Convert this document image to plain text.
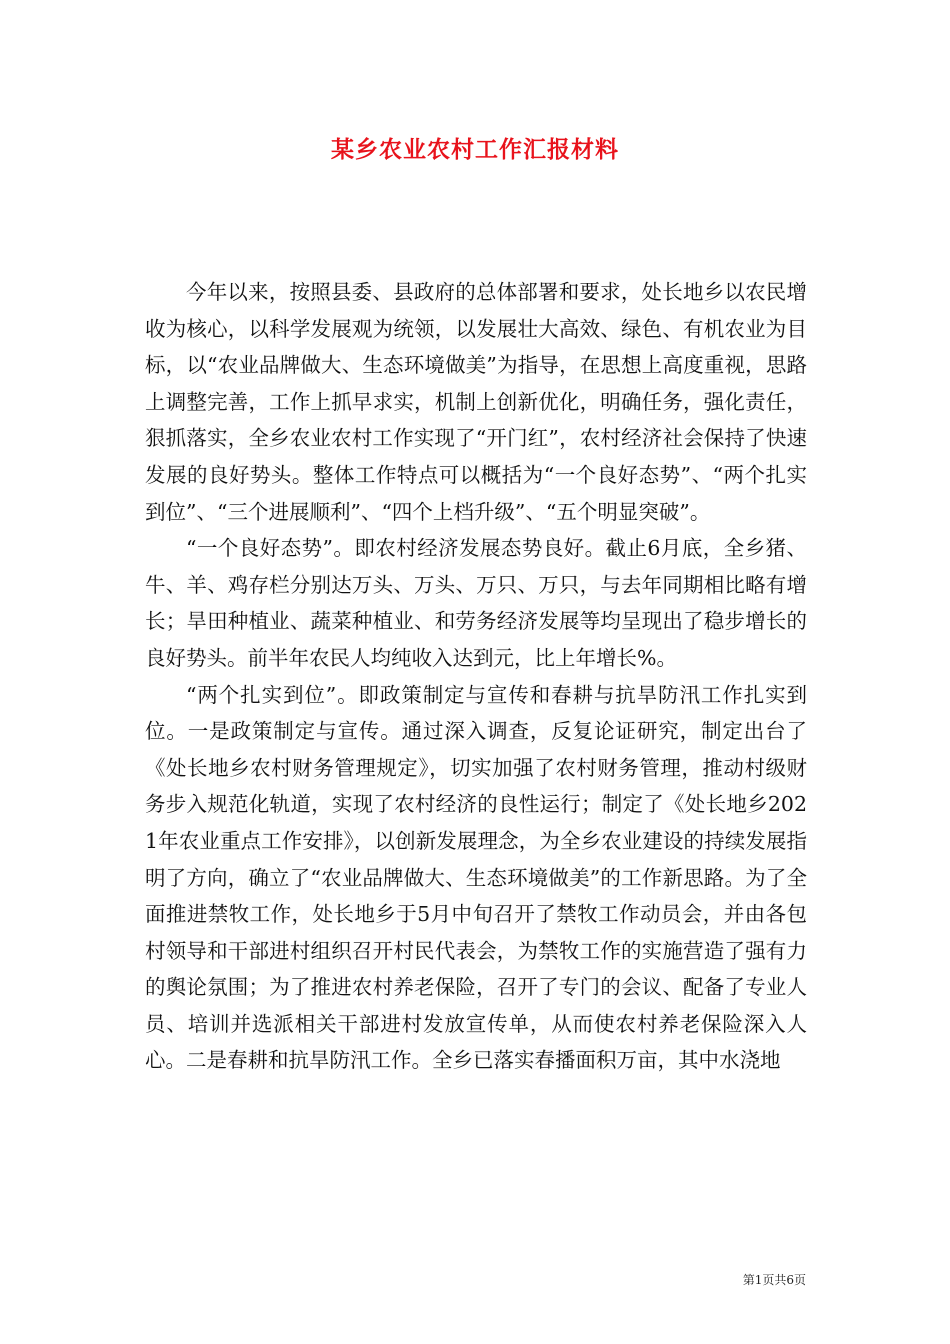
某乡农业农村工作汇报材料

今年以来，按照县委、县政府的总体部署和要求，处长地乡以农民增收为核心，以科学发展观为统领，以发展壮大高效、绿色、有机农业为目标，以“农业品牌做大、生态环境做美”为指导，在思想上高度重视，思路上调整完善，工作上抓早求实，机制上创新优化，明确任务，强化责任，狠抓落实，全乡农业农村工作实现了“开门红”，农村经济社会保持了快速发展的良好势头。整体工作特点可以概括为“一个良好态势”、“两个扎实到位”、“三个进展顺利”、“四个上档升级”、“五个明显突破”。

“一个良好态势”。即农村经济发展态势良好。截止6月底，全乡猪、牛、羊、鸡存栏分别达万头、万头、万只、万只，与去年同期相比略有增长；旱田种植业、蔬菜种植业、和劳务经济发展等均呈现出了稳步增长的良好势头。前半年农民人均纯收入达到元，比上年增长%。

“两个扎实到位”。即政策制定与宣传和春耕与抗旱防汛工作扎实到位。一是政策制定与宣传。通过深入调查，反复论证研究，制定出台了《处长地乡农村财务管理规定》，切实加强了农村财务管理，推动村级财务步入规范化轨道，实现了农村经济的良性运行；制定了《处长地乡2021年农业重点工作安排》，以创新发展理念，为全乡农业建设的持续发展指明了方向，确立了“农业品牌做大、生态环境做美”的工作新思路。为了全面推进禁牧工作，处长地乡于5月中旬召开了禁牧工作动员会，并由各包村领导和干部进村组织召开村民代表会，为禁牧工作的实施营造了强有力的舆论氛围；为了推进农村养老保险，召开了专门的会议、配备了专业人员、培训并选派相关干部进村发放宣传单，从而使农村养老保险深入人心。二是春耕和抗旱防汛工作。全乡已落实春播面积万亩，其中水浇地

第1页共6页
